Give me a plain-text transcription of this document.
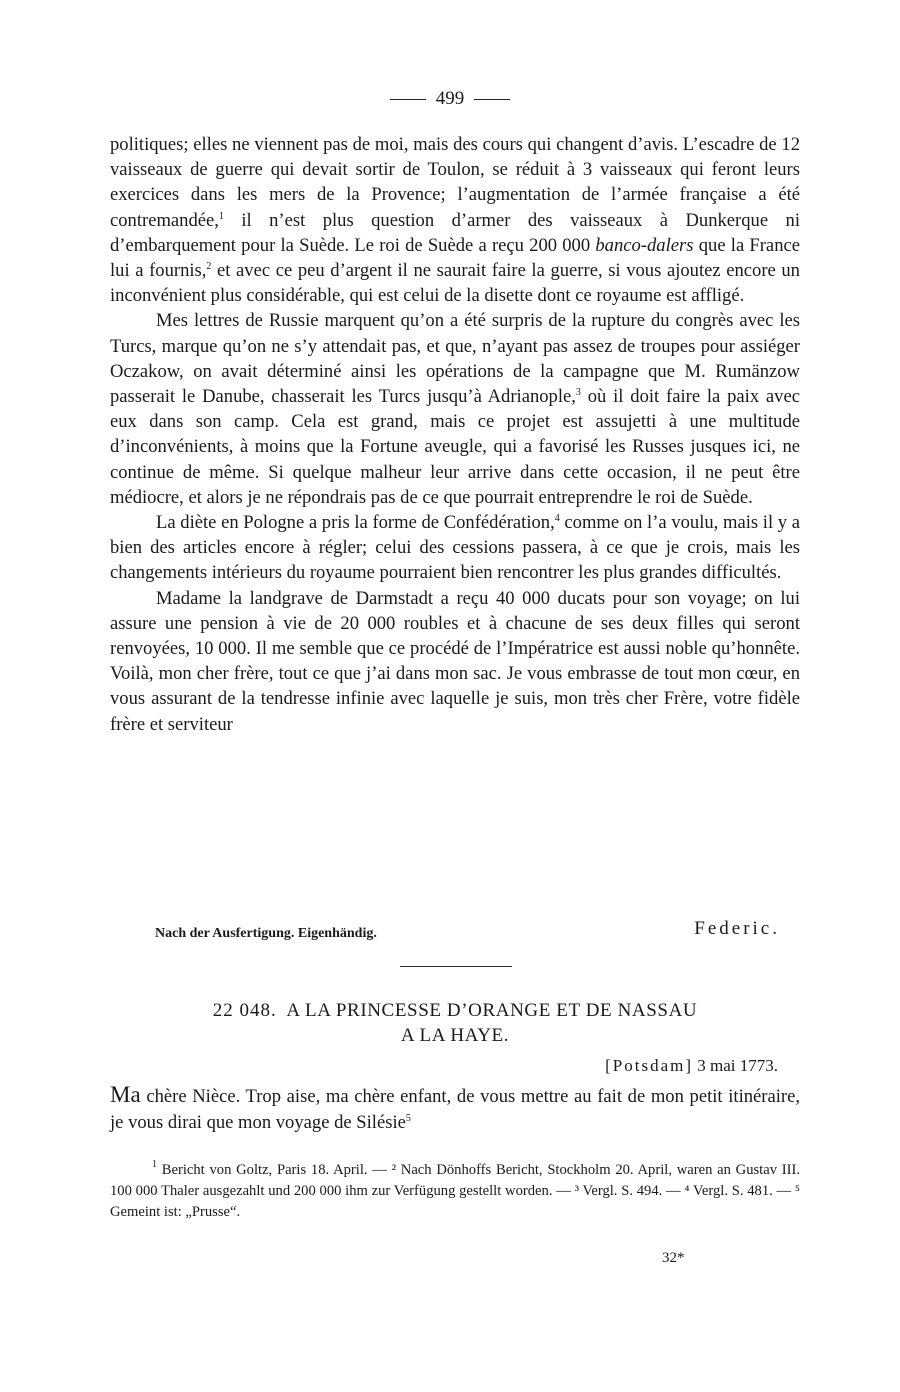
499

politiques; elles ne viennent pas de moi, mais des cours qui changent d’avis. L’escadre de 12 vaisseaux de guerre qui devait sortir de Toulon, se réduit à 3 vaisseaux qui feront leurs exercices dans les mers de la Provence; l’augmentation de l’armée française a été contremandée,$^1$ il n’est plus question d’armer des vaisseaux à Dunkerque ni d’embarquement pour la Suède. Le roi de Suède a reçu 200 000 banco-dalers que la France lui a fournis,$^2$ et avec ce peu d’argent il ne saurait faire la guerre, si vous ajoutez encore un inconvénient plus considérable, qui est celui de la disette dont ce royaume est affligé.

Mes lettres de Russie marquent qu’on a été surpris de la rupture du congrès avec les Turcs, marque qu’on ne s’y attendait pas, et que, n’ayant pas assez de troupes pour assiéger Oczakow, on avait déterminé ainsi les opérations de la campagne que M. Rumänzow passerait le Danube, chasserait les Turcs jusqu’à Adrianople,$^3$ où il doit faire la paix avec eux dans son camp. Cela est grand, mais ce projet est assujetti à une multitude d’inconvénients, à moins que la Fortune aveugle, qui a favorisé les Russes jusques ici, ne continue de même. Si quelque malheur leur arrive dans cette occasion, il ne peut être médiocre, et alors je ne répondrais pas de ce que pourrait entreprendre le roi de Suède.

La diète en Pologne a pris la forme de Confédération,$^4$ comme on l’a voulu, mais il y a bien des articles encore à régler; celui des cessions passera, à ce que je crois, mais les changements intérieurs du royaume pourraient bien rencontrer les plus grandes difficultés.

Madame la landgrave de Darmstadt a reçu 40 000 ducats pour son voyage; on lui assure une pension à vie de 20 000 roubles et à chacune de ses deux filles qui seront renvoyées, 10 000. Il me semble que ce procédé de l’Impératrice est aussi noble qu’honnête. Voilà, mon cher frère, tout ce que j’ai dans mon sac. Je vous embrasse de tout mon cœur, en vous assurant de la tendresse infinie avec laquelle je suis, mon très cher Frère, votre fidèle frère et serviteur

Nach der Ausfertigung. Eigenhändig.	Federic.
22 048. A LA PRINCESSE D’ORANGE ET DE NASSAU
A LA HAYE.
[Potsdam] 3 mai 1773.
Ma chère Nièce. Trop aise, ma chère enfant, de vous mettre au fait de mon petit itinéraire, je vous dirai que mon voyage de Silésie$^5$

$^1$ Bericht von Goltz, Paris 18. April. — ² Nach Dönhoffs Bericht, Stockholm 20. April, waren an Gustav III. 100 000 Thaler ausgezahlt und 200 000 ihm zur Verfügung gestellt worden. — ³ Vergl. S. 494. — ⁴ Vergl. S. 481. — ⁵ Gemeint ist: „Prusse“.

32*
